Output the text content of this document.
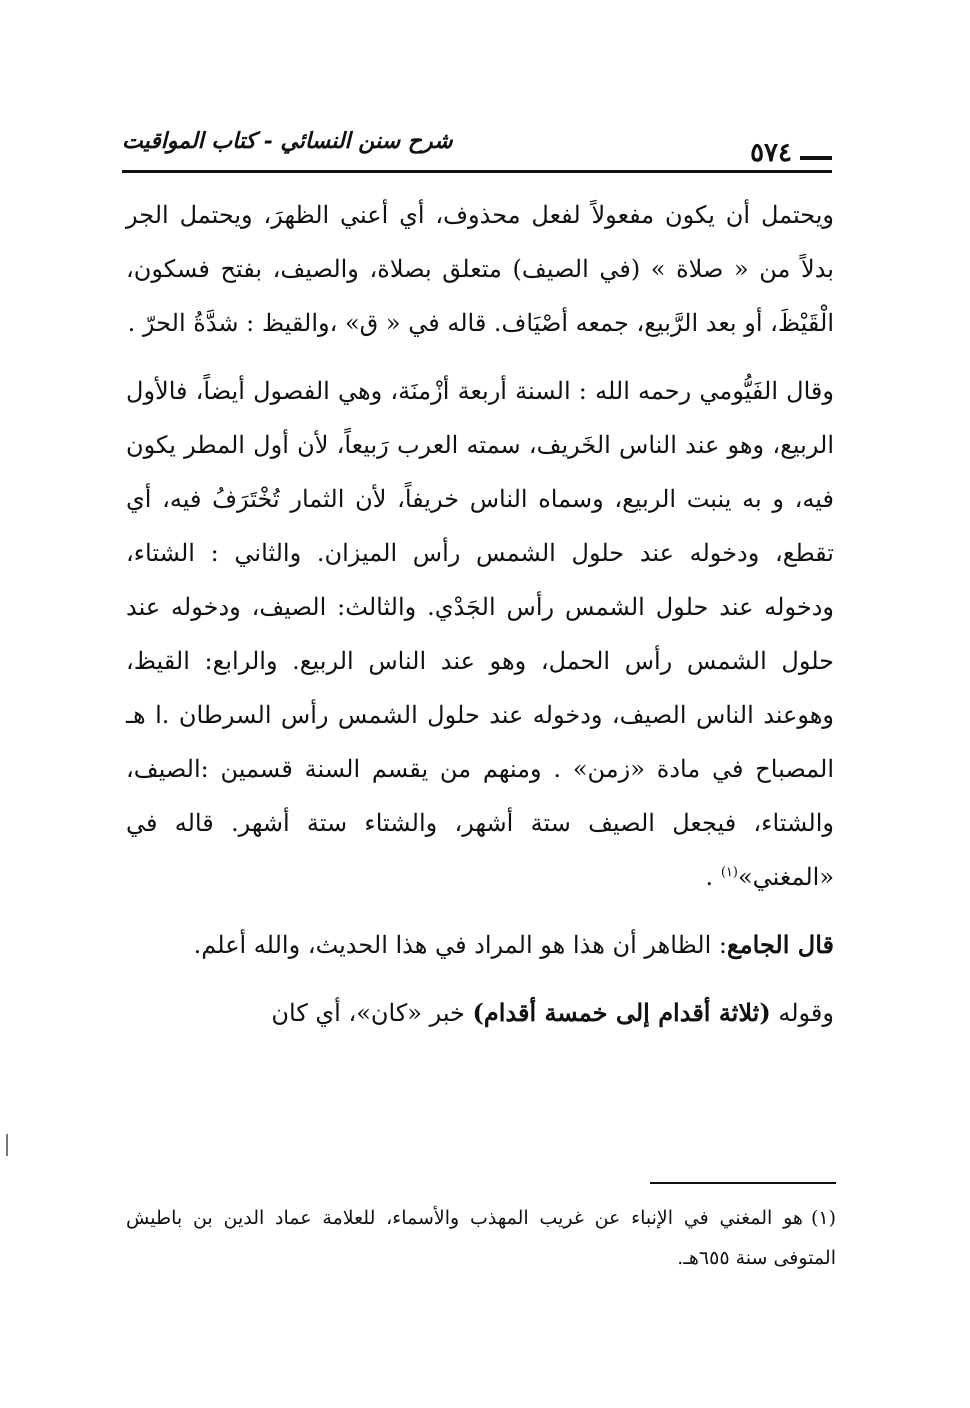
شرح سنن النسائي - كتاب المواقيت	٥٧٤

ويحتمل أن يكون مفعولاً لفعل محذوف، أي أعني الظهرَ، ويحتمل الجر بدلاً من « صلاة » (في الصيف) متعلق بصلاة، والصيف، بفتح فسكون، الْقَيْظَ، أو بعد الرَّبيع، جمعه أصْيَاف. قاله في « ق» ،والقيظ : شدَّةُ الحرّ .

وقال الفَيُّومي رحمه الله : السنة أربعة أزْمنَة، وهي الفصول أيضاً، فالأول الربيع، وهو عند الناس الخَريف، سمته العرب رَبيعاً، لأن أول المطر يكون فيه، و به ينبت الربيع، وسماه الناس خريفاً، لأن الثمار تُخْتَرَفُ فيه، أي تقطع، ودخوله عند حلول الشمس رأس الميزان. والثاني : الشتاء، ودخوله عند حلول الشمس رأس الجَدْي. والثالث: الصيف، ودخوله عند حلول الشمس رأس الحمل، وهو عند الناس الربيع. والرابع: القيظ، وهوعند الناس الصيف، ودخوله عند حلول الشمس رأس السرطان .ا هـ المصباح في مادة «زمن» . ومنهم من يقسم السنة قسمين :الصيف، والشتاء، فيجعل الصيف ستة أشهر، والشتاء ستة أشهر. قاله في «المغني»$^{(١)}$ .

قال الجامع: الظاهر أن هذا هو المراد في هذا الحديث، والله أعلم.

وقوله (ثلاثة أقدام إلى خمسة أقدام) خبر «كان»، أي كان

(١)هو المغني في الإنباء عن غريب المهذب والأسماء، للعلامة عماد الدين بن باطيش المتوفى سنة ٦٥٥هـ.
